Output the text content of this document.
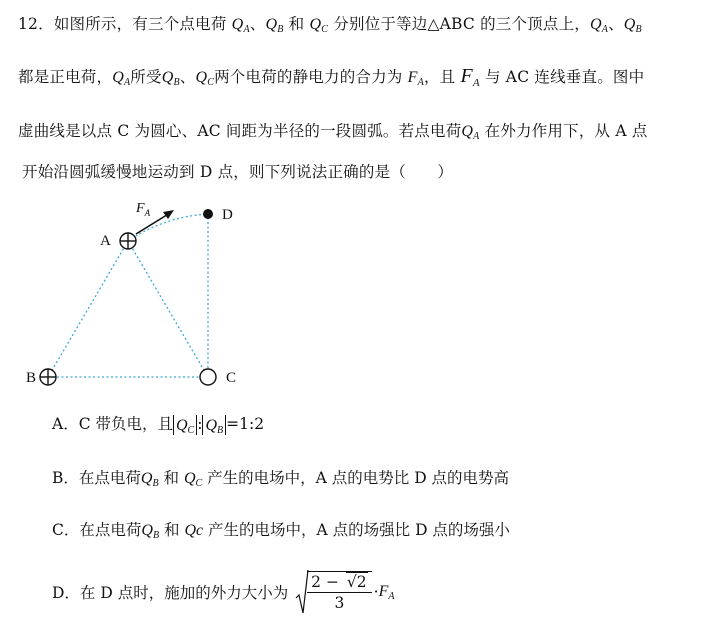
12．如图所示，有三个点电荷 $Q_A$、$Q_B$ 和 $Q_C$ 分别位于等边△ABC 的三个顶点上，$Q_A$、$Q_B$
都是正电荷，$Q_A$所受$Q_B$、$Q_C$两个电荷的静电力的合力为 $F_A$，且 $F_A$ 与 AC 连线垂直。图中
虚曲线是以点 C 为圆心、AC 间距为半径的一段圆弧。若点电荷$Q_A$ 在外力作用下，从 A 点
开始沿圆弧缓慢地运动到 D 点，则下列说法正确的是（　　）
$F_A$
A
B	C
D
A．C 带负电，且 $Q_C$ : $Q_B$ =1:2
B．在点电荷$Q_B$ 和 $Q_C$ 产生的电场中，A 点的电势比 D 点的电势高
C．在点电荷$Q_B$ 和 Qc 产生的电场中，A 点的场强比 D 点的场强小
D．在 D 点时，施加的外力大小为 $\frac{2 - √2}{3} \cdot F_A$
